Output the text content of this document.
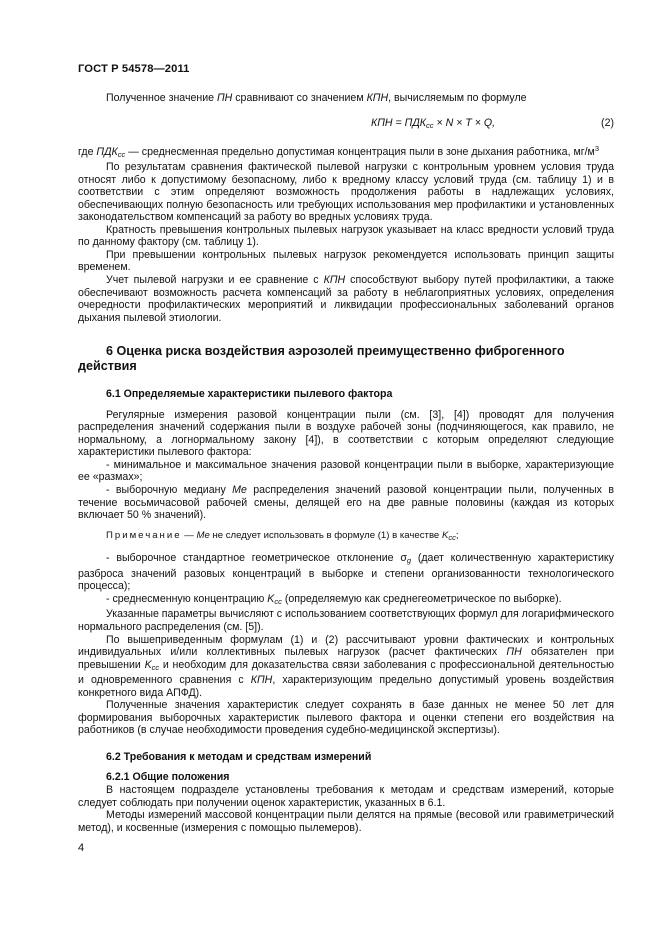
ГОСТ Р 54578—2011

Полученное значение ПН сравнивают со значением КПН, вычисляемым по формуле

КПН = $ПДК_{сс} \times N \times T \times Q$,	(2)

где $ПДК_{сс}$ — среднесменная предельно допустимая концентрация пыли в зоне дыхания работника, $мг/м^3$

По результатам сравнения фактической пылевой нагрузки с контрольным уровнем условия труда относят либо к допустимому безопасному, либо к вредному классу условий труда (см. таблицу 1) и в соответствии с этим определяют возможность продолжения работы в надлежащих условиях, обеспечивающих полную безопасность или требующих использования мер профилактики и установленных законодательством компенсаций за работу во вредных условиях труда.

Кратность превышения контрольных пылевых нагрузок указывает на класс вредности условий труда по данному фактору (см. таблицу 1).

При превышении контрольных пылевых нагрузок рекомендуется использовать принцип защиты временем.

Учет пылевой нагрузки и ее сравнение с КПН способствуют выбору путей профилактики, а также обеспечивают возможность расчета компенсаций за работу в неблагоприятных условиях, определения очередности профилактических мероприятий и ликвидации профессиональных заболеваний органов дыхания пылевой этиологии.

6 Оценка риска воздействия аэрозолей преимущественно фиброгенного действия

6.1 Определяемые характеристики пылевого фактора

Регулярные измерения разовой концентрации пыли (см. [3], [4]) проводят для получения распределения значений содержания пыли в воздухе рабочей зоны (подчиняющегося, как правило, не нормальному, а логнормальному закону [4]), в соответствии с которым определяют следующие характеристики пылевого фактора:

- минимальное и максимальное значения разовой концентрации пыли в выборке, характеризующие ее «размах»;

- выборочную медиану Ме распределения значений разовой концентрации пыли, полученных в течение восьмичасовой рабочей смены, делящей его на две равные половины (каждая из которых включает 50 % значений).

Примечание — Ме не следует использовать в формуле (1) в качестве $K_{сс}$;

- выборочное стандартное геометрическое отклонение $\sigma_g$ (дает количественную характеристику разброса значений разовых концентраций в выборке и степени организованности технологического процесса);

- среднесменную концентрацию $K_{сс}$ (определяемую как среднегеометрическое по выборке).

Указанные параметры вычисляют с использованием соответствующих формул для логарифмического нормального распределения (см. [5]).

По вышеприведенным формулам (1) и (2) рассчитывают уровни фактических и контрольных индивидуальных и/или коллективных пылевых нагрузок (расчет фактических ПН обязателен при превышении $K_{сс}$ и необходим для доказательства связи заболевания с профессиональной деятельностью и одновременного сравнения с КПН, характеризующим предельно допустимый уровень воздействия конкретного вида АПФД).

Полученные значения характеристик следует сохранять в базе данных не менее 50 лет для формирования выборочных характеристик пылевого фактора и оценки степени его воздействия на работников (в случае необходимости проведения судебно-медицинской экспертизы).

6.2 Требования к методам и средствам измерений

6.2.1 Общие положения

В настоящем подразделе установлены требования к методам и средствам измерений, которые следует соблюдать при получении оценок характеристик, указанных в 6.1.

Методы измерений массовой концентрации пыли делятся на прямые (весовой или гравиметрический метод), и косвенные (измерения с помощью пылемеров).

4
